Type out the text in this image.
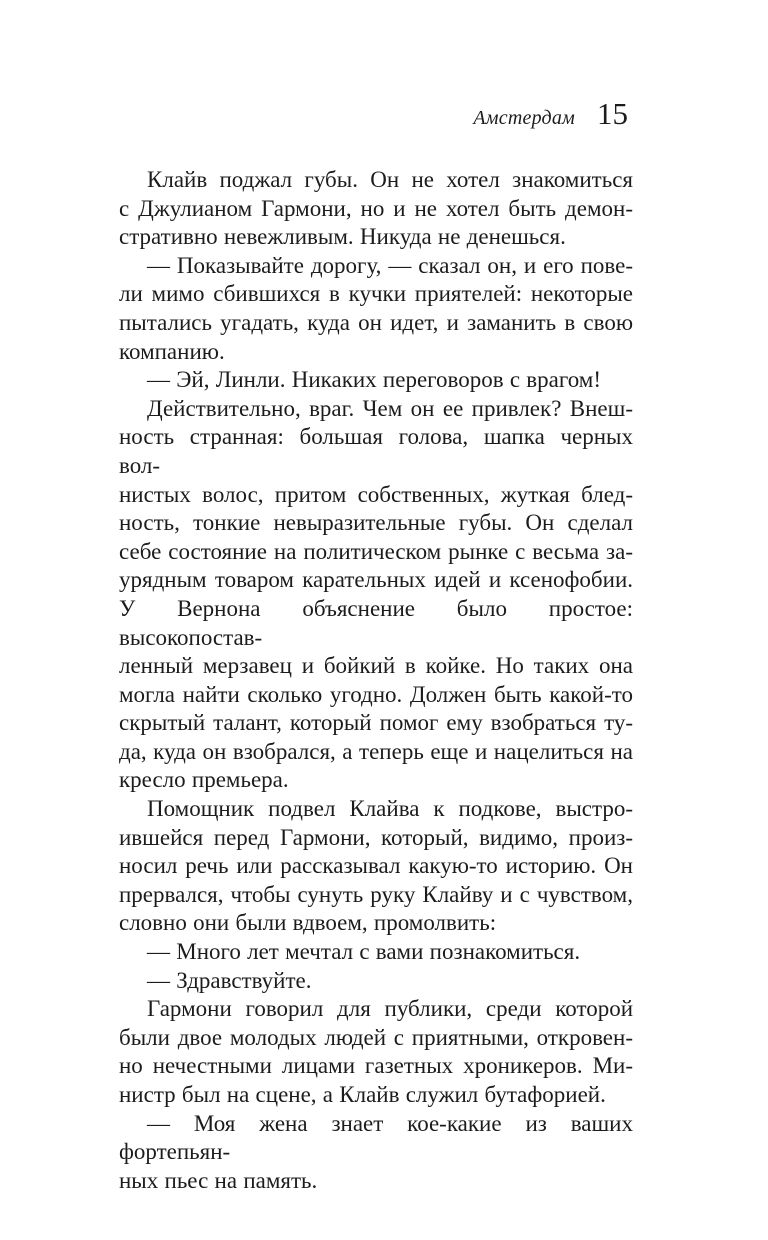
Амстердам 15

Клайв поджал губы. Он не хотел знакомиться

с Джулианом Гармони, но и не хотел быть демон-

стративно невежливым. Никуда не денешься.

— Показывайте дорогу, — сказал он, и его пове-

ли мимо сбившихся в кучки приятелей: некоторые

пытались угадать, куда он идет, и заманить в свою

компанию.

— Эй, Линли. Никаких переговоров с врагом!

Действительно, враг. Чем он ее привлек? Внеш-

ность странная: большая голова, шапка черных вол-

нистых волос, притом собственных, жуткая блед-

ность, тонкие невыразительные губы. Он сделал

себе состояние на политическом рынке с весьма за-

урядным товаром карательных идей и ксенофобии.

У Вернона объяснение было простое: высокопостав-

ленный мерзавец и бойкий в койке. Но таких она

могла найти сколько угодно. Должен быть какой-то

скрытый талант, который помог ему взобраться ту-

да, куда он взобрался, а теперь еще и нацелиться на

кресло премьера.

Помощник подвел Клайва к подкове, выстро-

ившейся перед Гармони, который, видимо, произ-

носил речь или рассказывал какую-то историю. Он

прервался, чтобы сунуть руку Клайву и с чувством,

словно они были вдвоем, промолвить:

— Много лет мечтал с вами познакомиться.

— Здравствуйте.

Гармони говорил для публики, среди которой

были двое молодых людей с приятными, откровен-

но нечестными лицами газетных хроникеров. Ми-

нистр был на сцене, а Клайв служил бутафорией.

— Моя жена знает кое-какие из ваших фортепьян-

ных пьес на память.
